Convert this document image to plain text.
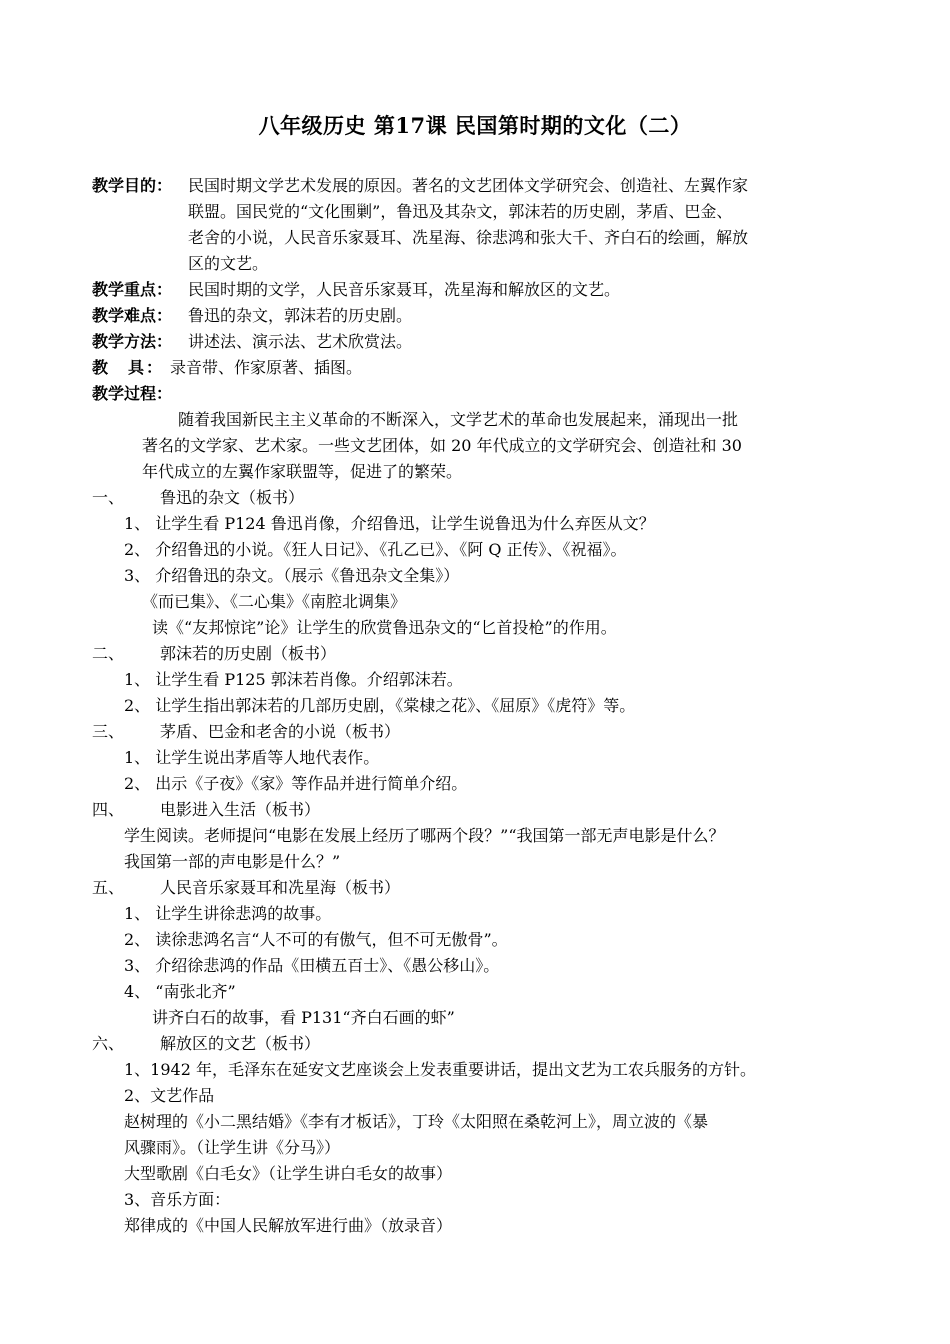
八年级历史 第17课 民国第时期的文化（二）
教学目的： 民国时期文学艺术发展的原因。著名的文艺团体文学研究会、创造社、左翼作家
联盟。国民党的“文化围剿”，鲁迅及其杂文，郭沫若的历史剧，茅盾、巴金、
老舍的小说，人民音乐家聂耳、冼星海、徐悲鸿和张大千、齐白石的绘画，解放
区的文艺。
教学重点： 民国时期的文学，人民音乐家聂耳，冼星海和解放区的文艺。
教学难点： 鲁迅的杂文，郭沫若的历史剧。
教学方法： 讲述法、演示法、艺术欣赏法。
教　具： 录音带、作家原著、插图。
教学过程：
随着我国新民主主义革命的不断深入，文学艺术的革命也发展起来，涌现出一批
著名的文学家、艺术家。一些文艺团体，如 20 年代成立的文学研究会、创造社和 30
年代成立的左翼作家联盟等，促进了的繁荣。
一、 鲁迅的杂文（板书）
1、 让学生看 P124 鲁迅肖像，介绍鲁迅，让学生说鲁迅为什么弃医从文？
2、 介绍鲁迅的小说。《狂人日记》、《孔乙已》、《阿 Q 正传》、《祝福》。
3、 介绍鲁迅的杂文。（展示《鲁迅杂文全集》）
《而已集》、《二心集》《南腔北调集》
读《“友邦惊诧”论》让学生的欣赏鲁迅杂文的“匕首投枪”的作用。
二、 郭沫若的历史剧（板书）
1、 让学生看 P125 郭沫若肖像。介绍郭沫若。
2、 让学生指出郭沫若的几部历史剧，《棠棣之花》、《屈原》《虎符》等。
三、 茅盾、巴金和老舍的小说（板书）
1、 让学生说出茅盾等人地代表作。
2、 出示《子夜》《家》等作品并进行简单介绍。
四、 电影进入生活（板书）
学生阅读。老师提问“电影在发展上经历了哪两个段？”“我国第一部无声电影是什么？
我国第一部的声电影是什么？”
五、 人民音乐家聂耳和冼星海（板书）
1、 让学生讲徐悲鸿的故事。
2、 读徐悲鸿名言“人不可的有傲气，但不可无傲骨”。
3、 介绍徐悲鸿的作品《田横五百士》、《愚公移山》。
4、 “南张北齐”
讲齐白石的故事，看 P131“齐白石画的虾”
六、 解放区的文艺（板书）
1、1942 年，毛泽东在延安文艺座谈会上发表重要讲话，提出文艺为工农兵服务的方针。
2、文艺作品
赵树理的《小二黑结婚》《李有才板话》，丁玲《太阳照在桑乾河上》，周立波的《暴
风骤雨》。（让学生讲《分马》）
大型歌剧《白毛女》（让学生讲白毛女的故事）
3、音乐方面：
郑律成的《中国人民解放军进行曲》（放录音）
